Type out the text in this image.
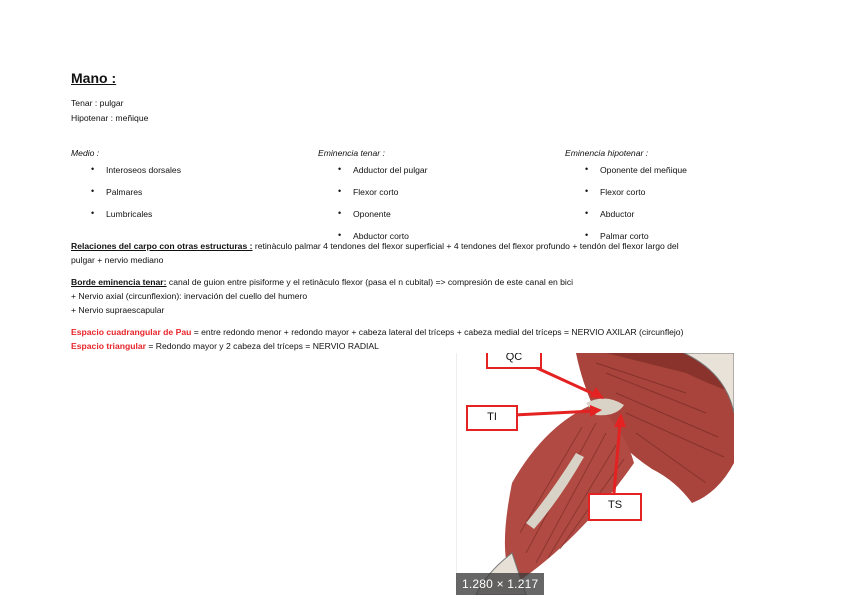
Mano :
Tenar : pulgar
Hipotenar : meñique
Medio :
• Interoseos dorsales
• Palmares
• Lumbricales
Eminencia tenar :
• Adductor del pulgar
• Flexor corto
• Oponente
• Abductor corto
Eminencia hipotenar :
• Oponente del meñique
• Flexor corto
• Abductor
• Palmar corto
Relaciones del carpo con otras estructuras : retinàculo palmar 4 tendones del flexor superficial + 4 tendones del flexor profundo + tendón del flexor largo del
pulgar + nervio mediano
Borde eminencia tenar: canal de guion entre pisiforme y el retinàculo flexor (pasa el n cubital) => compresión de este canal en bici
+ Nervio axial (circunflexion): inervación del cuello del humero
+ Nervio supraescapular
Espacio cuadrangular de Pau = entre redondo menor + redondo mayor + cabeza lateral del tríceps + cabeza medial del tríceps = NERVIO AXILAR (circunflejo)
Espacio triangular = Redondo mayor y 2 cabeza del tríceps = NERVIO RADIAL
QC
TI
TS
1.280 × 1.217
